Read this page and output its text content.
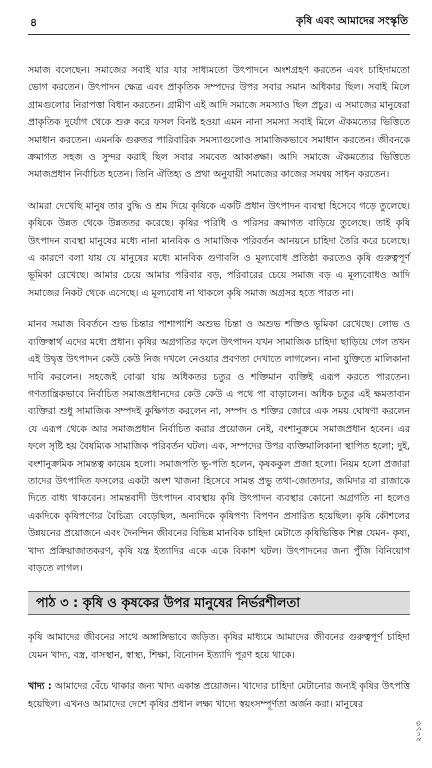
৪	কৃষি এবং আমাদের সংস্কৃতি

সমাজ বলেছেন। সমাজের সবাই যার যার সাধ্যমতো উৎপাদনে অংশগ্রহণ করতেন এবং চাহিদামতো ভোগ করতেন। উৎপাদন ক্ষেত্র এবং প্রাকৃতিক সম্পদের উপর সবার সমান অধিকার ছিল। সবাই মিলে গ্রামগুলোর নিরাপত্তা বিধান করতেন। গ্রামীণ এই আদি সমাজে সমস্যাও ছিল প্রচুর। এ সমাজের মানুষেরা প্রাকৃতিক দুর্যোগ থেকে শুরু করে ফসল বিনষ্ট হওয়া এমন নানা সমস্যা সবাই মিলে ঐকমত্যের ভিত্তিতে সমাধান করতেন। এমনকি গুরুতর পারিবারিক সমস্যাগুলোও সামাজিকভাবে সমাধান করতেন। জীবনকে ক্রমাগত সহজ ও সুন্দর করাই ছিল সবার সমবেত আকাঙ্ক্ষা। আদি সমাজে ঐকমত্যের ভিত্তিতে সমাজপ্রধান নির্বাচিত হতেন। তিনি ঐতিহ্য ও প্রথা অনুযায়ী সমাজের কাজের সমন্বয় সাধন করতেন।

আমরা দেখেছি মানুষ তার বুদ্ধি ও শ্রম দিয়ে কৃষিকে একটি প্রধান উৎপাদন ব্যবস্থা হিসেবে গড়ে তুলেছে। কৃষিকে উন্নত থেকে উন্নততর করেছে। কৃষির পরিধি ও পরিসর ক্রমাগত বাড়িয়ে তুলেছে। তাই কৃষি উৎপাদন ব্যবস্থা মানুষের মধ্যে নানা মানবিক ও সামাজিক পরিবর্তন আনয়নে চাহিদা তৈরি করে চলেছে। এ কারণে বলা যায় যে মানুষের মধ্যে মানবিক গুণাবলি ও মূল্যবোধ প্রতিষ্ঠা করতেও কৃষি গুরুত্বপূর্ণ ভূমিকা রেখেছে। আমার চেয়ে আমার পরিবার বড়, পরিবারের চেয়ে সমাজ বড় এ মূল্যবোধও আদি সমাজের নিকট থেকে এসেছে। এ মূল্যবোধ না থাকলে কৃষি সমাজ অগ্রসর হতে পারত না।

মানব সমাজ বিবর্তনে শুভ চিন্তার পাশাপাশি অশুভ চিন্তা ও অশুভ শক্তিও ভূমিকা রেখেছে। লোভ ও ব্যক্তিস্বার্থ এদের মধ্যে প্রধান। কৃষির অগ্রগতির ফলে উৎপাদন যখন সামাজিক চাহিদা ছাড়িয়ে গেল তখন এই উদ্বৃত্ত উৎপাদন কেউ কেউ নিজ দখলে নেওয়ার প্রবণতা দেখাতে লাগলেন। নানা যুক্তিতে মালিকানা দাবি করলেন। সহজেই বোঝা যায় অধিকতর চতুর ও শক্তিমান ব্যক্তিই এরূপ করতে পারতেন। গণতান্ত্রিকভাবে নির্বাচিত সমাজপ্রধানদের কেউ কেউ এ পথে পা বাড়ালেন। অধিক চতুর এই ক্ষমতাবান ব্যক্তিরা শুধু সামাজিক সম্পদই কুক্ষিগত করলেন না, সম্পদ ও শক্তির জোরে এক সময় ঘোষণা করলেন যে এরূপ থেকে আর সমাজপ্রধান নির্বাচিত করার প্রয়োজন নেই, বংশানুক্রমে সমাজপ্রধান হবেন। এর ফলে সৃষ্টি হয় বৈষম্যিক সামাজিক পরিবর্তন ঘটল। এক, সম্পদের উপর ব্যক্তিমালিকানা স্থাপিত হলো; দুই, বংশানুক্রমিক সামন্তত্ব কায়েম হলো। সমাজপতি ভূ-পতি হলেন, কৃষককুল প্রজা হলো। নিয়ম হলো প্রজারা তাদের উৎপাদিত ফসলের একটা অংশ খাজনা হিসেবে সামন্ত প্রভু তথা-জোতদার, জমিদার বা রাজাকে দিতে বাধ্য থাকবেন। সামন্তবাদী উৎপাদন ব্যবস্থায় কৃষি উৎপাদন ব্যবস্থার কোনো অগ্রগতি না হলেও একদিকে কৃষিপণ্যের বৈচিত্র্য বেড়েছিল, অন্যদিকে কৃষিপণ্য বিপণন প্রসারিত হয়েছিল। কৃষি কৌশলের উন্নয়নের প্রয়োজনে এবং দৈনন্দিন জীবনের বিভিন্ন মানবিক চাহিদা মেটাতে কৃষিভিত্তিক শিল্প যেমন- কৃষ্য, খাদ্য প্রক্রিয়াজাতকরণ, কৃষি যন্ত্র ইত্যাদির একে একে বিকাশ ঘটল। উৎপাদনের জন্য পুঁজি বিনিয়োগ বাড়তে লাগল।

পাঠ ৩ : কৃষি ও কৃষকের উপর মানুষের নির্ভরশীলতা

কৃষি আমাদের জীবনের সাথে অঙ্গাঙ্গিভাবে জড়িত। কৃষির মাধ্যমে আমাদের জীবনের গুরুত্বপূর্ণ চাহিদা যেমন খাদ্য, বস্ত্র, বাসস্থান, স্বাস্থ্য, শিক্ষা, বিনোদন ইত্যাদি পূরণ হয়ে থাকে।

খাদ্য : আমাদের বেঁচে থাকার জন্য খাদ্য একান্ত প্রয়োজন। খাদ্যের চাহিদা মেটানোর জন্যই কৃষির উৎপত্তি হয়েছিল। এখনও আমাদের দেশে কৃষির প্রধান লক্ষ্য খাদ্যে স্বয়ংসম্পূর্ণতা অর্জন করা। মানুষের

২০১৩
